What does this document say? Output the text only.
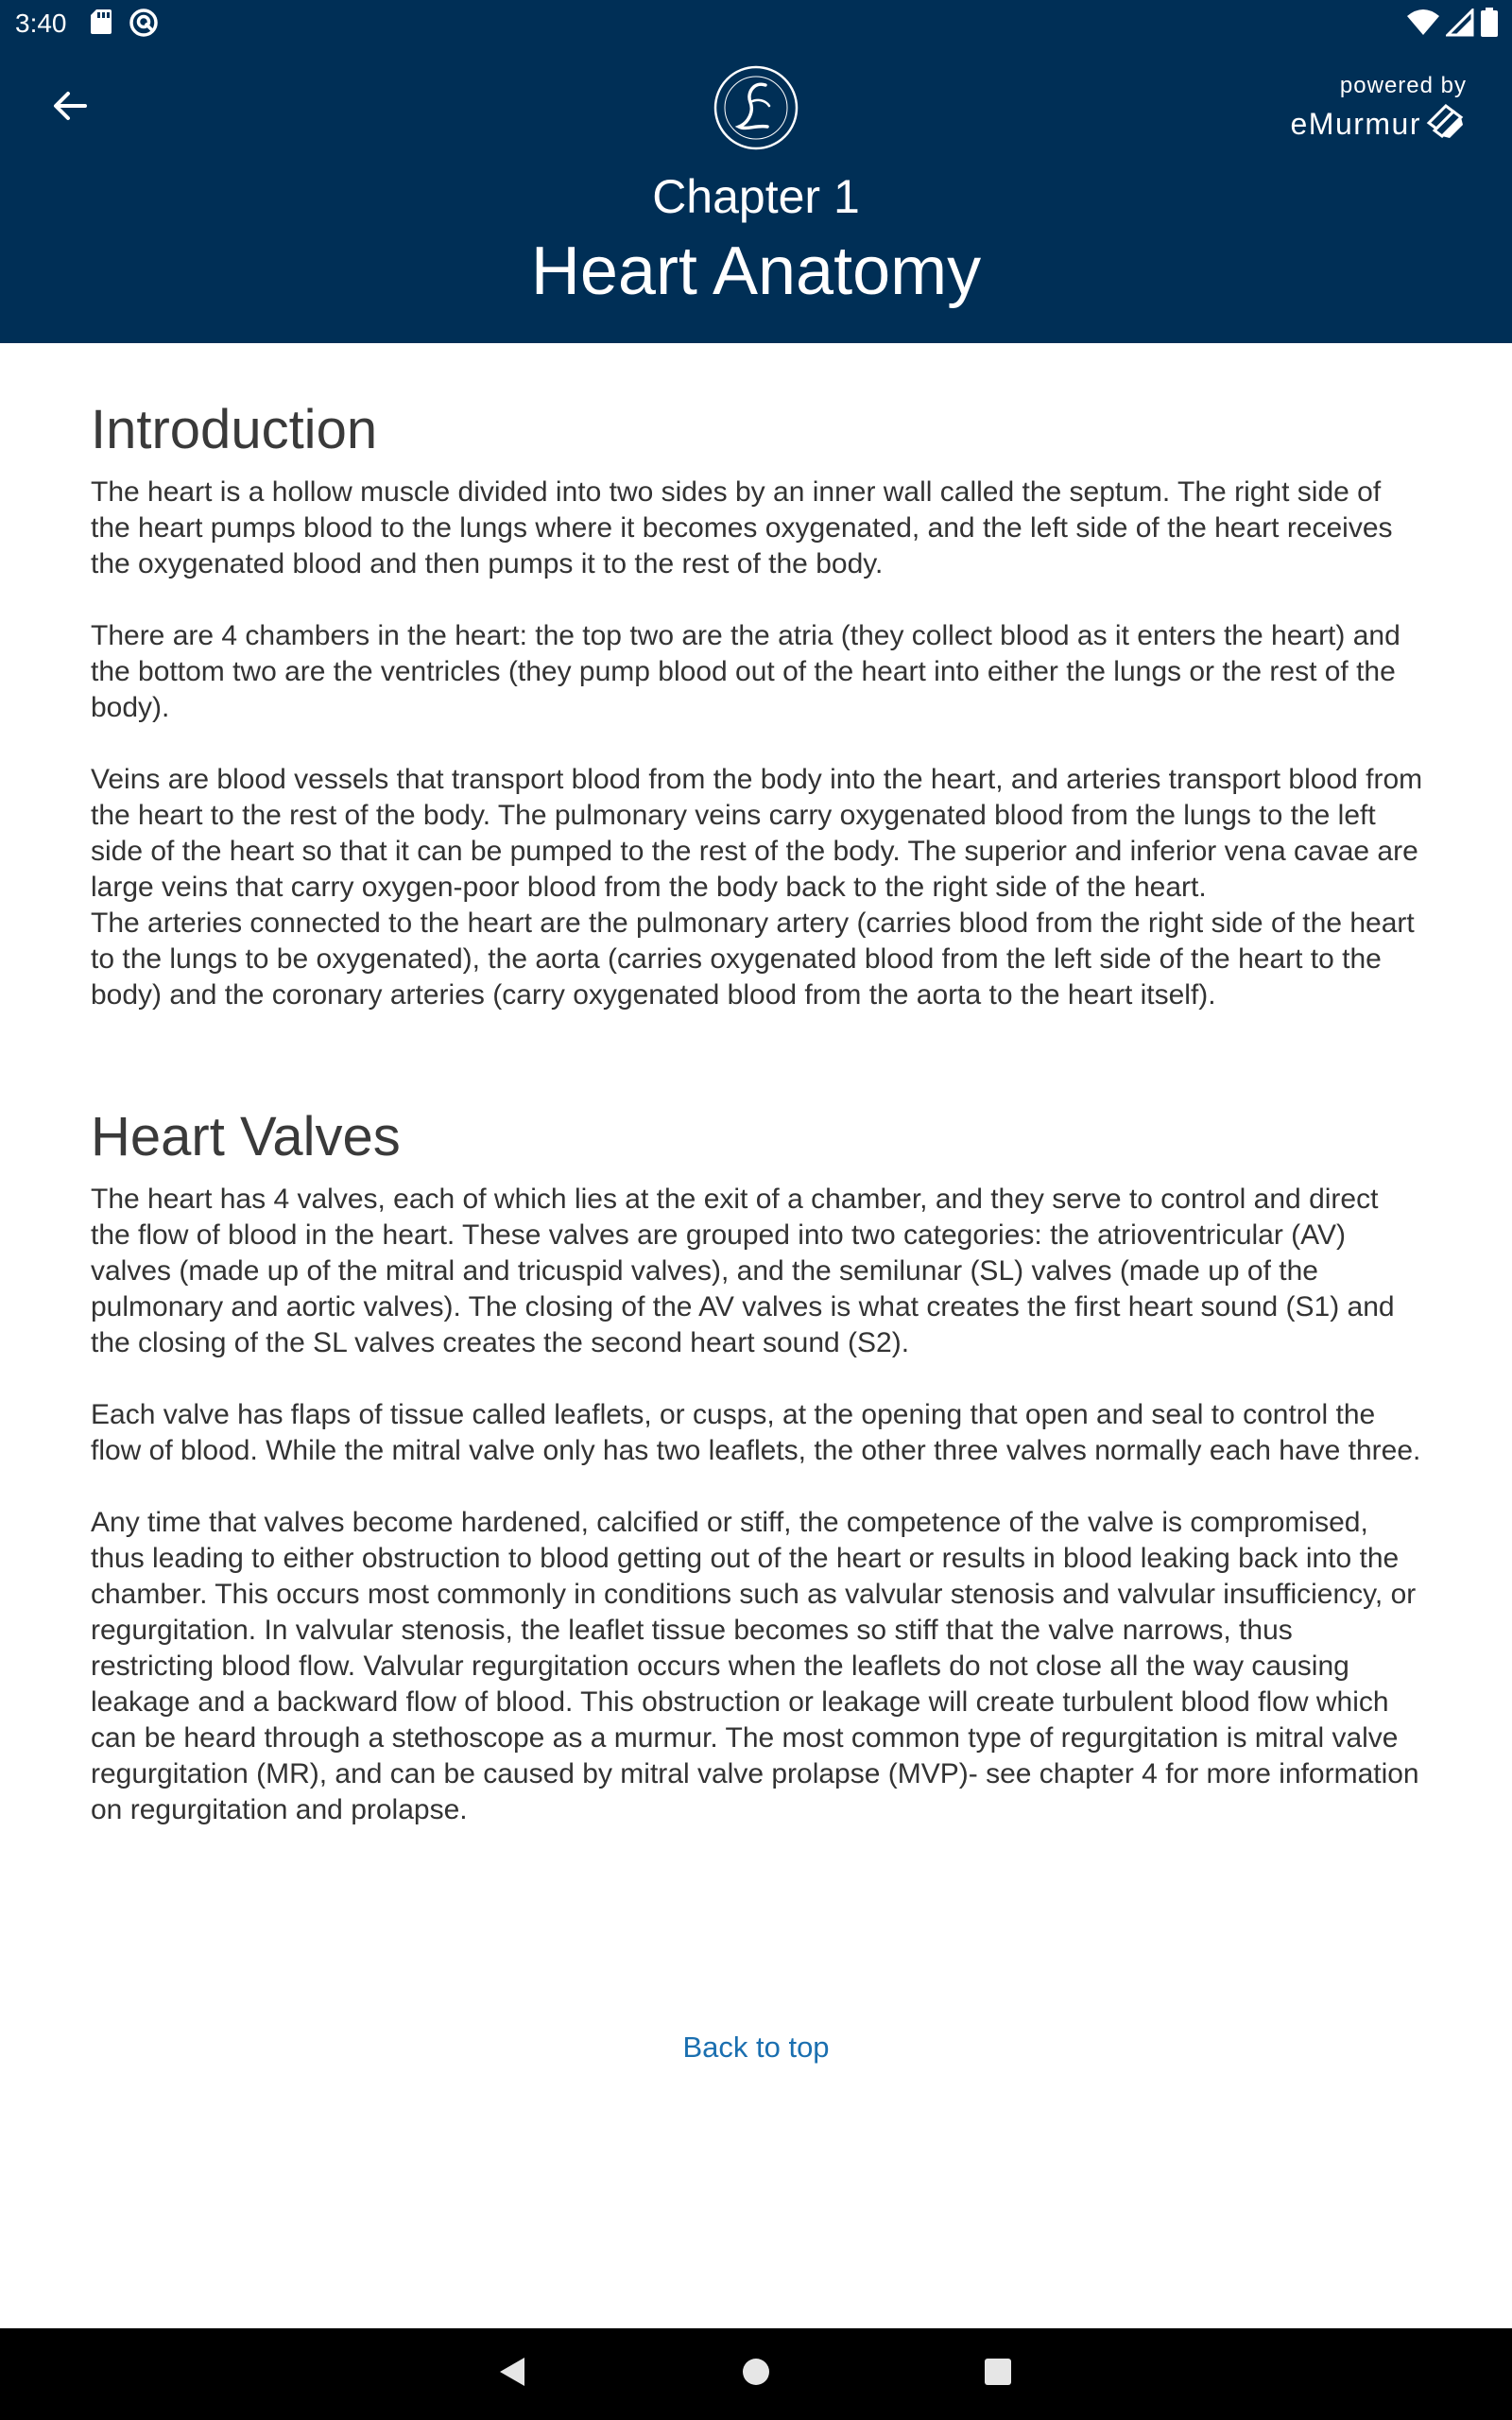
3:40
powered by
eMurmur
Chapter 1
Heart Anatomy
Introduction

The heart is a hollow muscle divided into two sides by an inner wall called the septum. The right side of the heart pumps blood to the lungs where it becomes oxygenated, and the left side of the heart receives the oxygenated blood and then pumps it to the rest of the body.

There are 4 chambers in the heart: the top two are the atria (they collect blood as it enters the heart) and the bottom two are the ventricles (they pump blood out of the heart into either the lungs or the rest of the body).

Veins are blood vessels that transport blood from the body into the heart, and arteries transport blood from the heart to the rest of the body. The pulmonary veins carry oxygenated blood from the lungs to the left side of the heart so that it can be pumped to the rest of the body. The superior and inferior vena cavae are large veins that carry oxygen-poor blood from the body back to the right side of the heart.

The arteries connected to the heart are the pulmonary artery (carries blood from the right side of the heart to the lungs to be oxygenated), the aorta (carries oxygenated blood from the left side of the heart to the body) and the coronary arteries (carry oxygenated blood from the aorta to the heart itself).

Heart Valves

The heart has 4 valves, each of which lies at the exit of a chamber, and they serve to control and direct the flow of blood in the heart. These valves are grouped into two categories: the atrioventricular (AV) valves (made up of the mitral and tricuspid valves), and the semilunar (SL) valves (made up of the pulmonary and aortic valves). The closing of the AV valves is what creates the first heart sound (S1) and the closing of the SL valves creates the second heart sound (S2).

Each valve has flaps of tissue called leaflets, or cusps, at the opening that open and seal to control the flow of blood. While the mitral valve only has two leaflets, the other three valves normally each have three.

Any time that valves become hardened, calcified or stiff, the competence of the valve is compromised, thus leading to either obstruction to blood getting out of the heart or results in blood leaking back into the chamber. This occurs most commonly in conditions such as valvular stenosis and valvular insufficiency, or regurgitation. In valvular stenosis, the leaflet tissue becomes so stiff that the valve narrows, thus restricting blood flow. Valvular regurgitation occurs when the leaflets do not close all the way causing leakage and a backward flow of blood. This obstruction or leakage will create turbulent blood flow which can be heard through a stethoscope as a murmur. The most common type of regurgitation is mitral valve regurgitation (MR), and can be caused by mitral valve prolapse (MVP)- see chapter 4 for more information on regurgitation and prolapse.

Back to top
